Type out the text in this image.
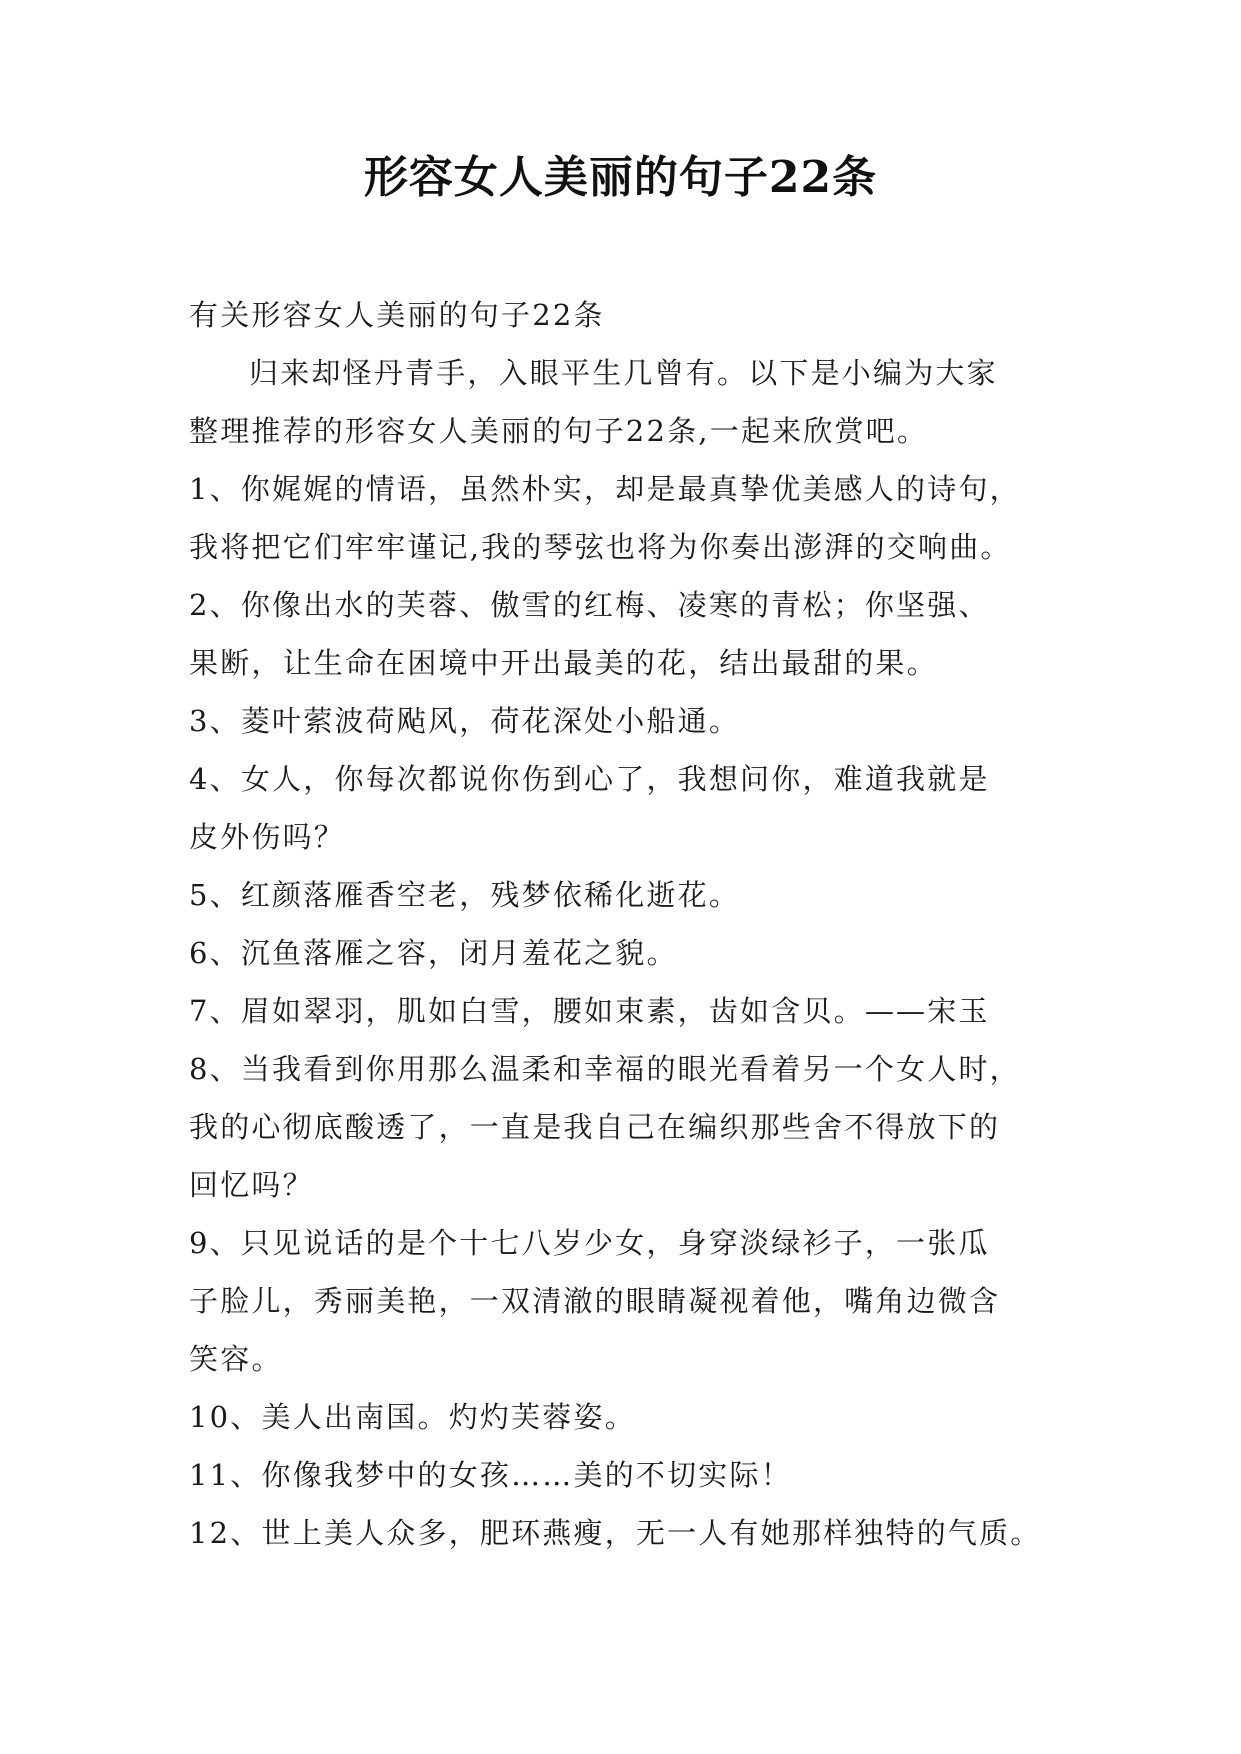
形容女人美丽的句子22条
有关形容女人美丽的句子22条
归来却怪丹青手，入眼平生几曾有。以下是小编为大家
整理推荐的形容女人美丽的句子22条,一起来欣赏吧。
1、你娓娓的情语，虽然朴实，却是最真挚优美感人的诗句，
我将把它们牢牢谨记,我的琴弦也将为你奏出澎湃的交响曲。
2、你像出水的芙蓉、傲雪的红梅、凌寒的青松；你坚强、
果断，让生命在困境中开出最美的花，结出最甜的果。
3、菱叶萦波荷飐风，荷花深处小船通。
4、女人，你每次都说你伤到心了，我想问你，难道我就是
皮外伤吗？
5、红颜落雁香空老，残梦依稀化逝花。
6、沉鱼落雁之容，闭月羞花之貌。
7、眉如翠羽，肌如白雪，腰如束素，齿如含贝。——宋玉
8、当我看到你用那么温柔和幸福的眼光看着另一个女人时，
我的心彻底酸透了，一直是我自己在编织那些舍不得放下的
回忆吗？
9、只见说话的是个十七八岁少女，身穿淡绿衫子，一张瓜
子脸儿，秀丽美艳，一双清澈的眼睛凝视着他，嘴角边微含
笑容。
10、美人出南国。灼灼芙蓉姿。
11、你像我梦中的女孩……美的不切实际！
12、世上美人众多，肥环燕瘦，无一人有她那样独特的气质。
